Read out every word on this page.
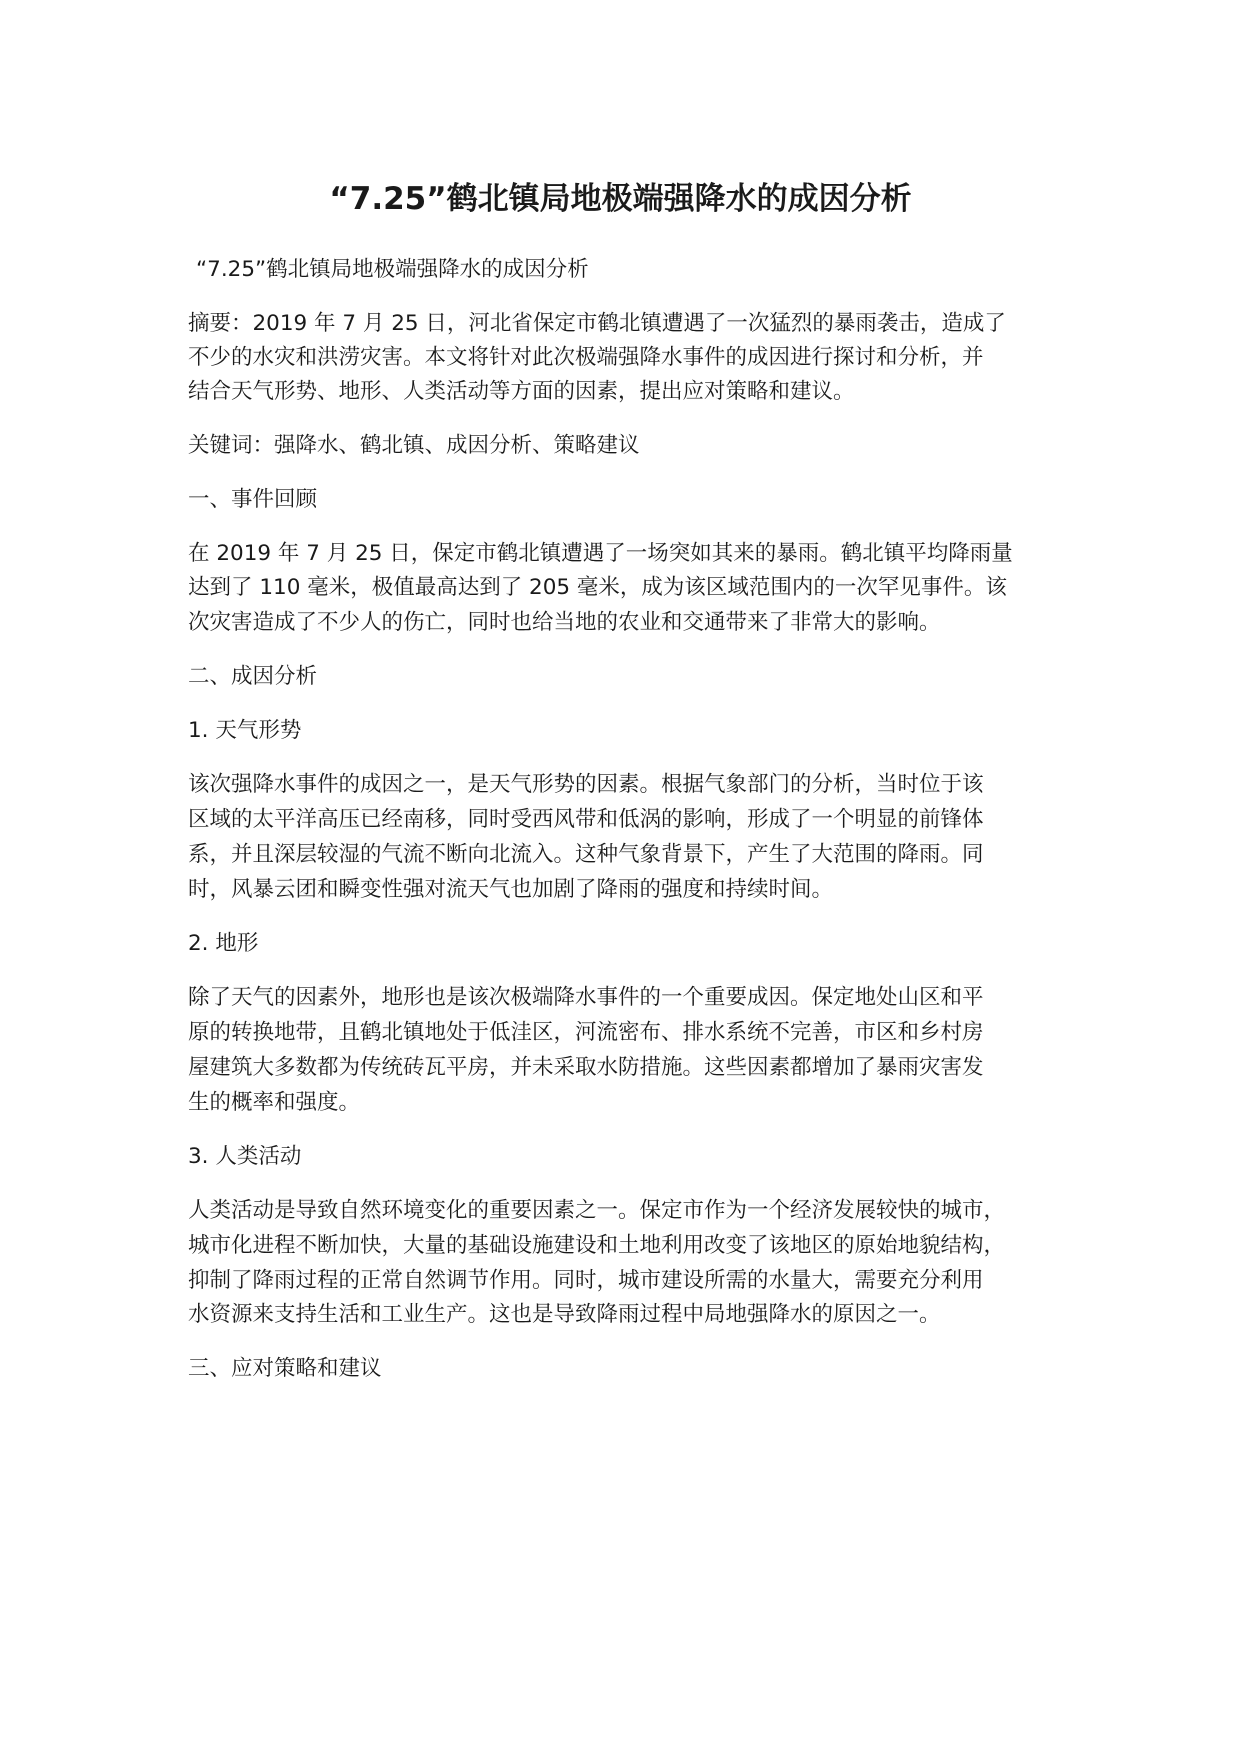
“7.25”鹤北镇局地极端强降水的成因分析

“7.25”鹤北镇局地极端强降水的成因分析

摘要：2019 年 7 月 25 日，河北省保定市鹤北镇遭遇了一次猛烈的暴雨袭击，造成了

不少的水灾和洪涝灾害。本文将针对此次极端强降水事件的成因进行探讨和分析，并

结合天气形势、地形、人类活动等方面的因素，提出应对策略和建议。

关键词：强降水、鹤北镇、成因分析、策略建议

一、事件回顾

在 2019 年 7 月 25 日，保定市鹤北镇遭遇了一场突如其来的暴雨。鹤北镇平均降雨量

达到了 110 毫米，极值最高达到了 205 毫米，成为该区域范围内的一次罕见事件。该

次灾害造成了不少人的伤亡，同时也给当地的农业和交通带来了非常大的影响。

二、成因分析

1. 天气形势

该次强降水事件的成因之一，是天气形势的因素。根据气象部门的分析，当时位于该

区域的太平洋高压已经南移，同时受西风带和低涡的影响，形成了一个明显的前锋体

系，并且深层较湿的气流不断向北流入。这种气象背景下，产生了大范围的降雨。同

时，风暴云团和瞬变性强对流天气也加剧了降雨的强度和持续时间。

2. 地形

除了天气的因素外，地形也是该次极端降水事件的一个重要成因。保定地处山区和平

原的转换地带，且鹤北镇地处于低洼区，河流密布、排水系统不完善，市区和乡村房

屋建筑大多数都为传统砖瓦平房，并未采取水防措施。这些因素都增加了暴雨灾害发

生的概率和强度。

3. 人类活动

人类活动是导致自然环境变化的重要因素之一。保定市作为一个经济发展较快的城市，

城市化进程不断加快，大量的基础设施建设和土地利用改变了该地区的原始地貌结构，

抑制了降雨过程的正常自然调节作用。同时，城市建设所需的水量大，需要充分利用

水资源来支持生活和工业生产。这也是导致降雨过程中局地强降水的原因之一。

三、应对策略和建议
